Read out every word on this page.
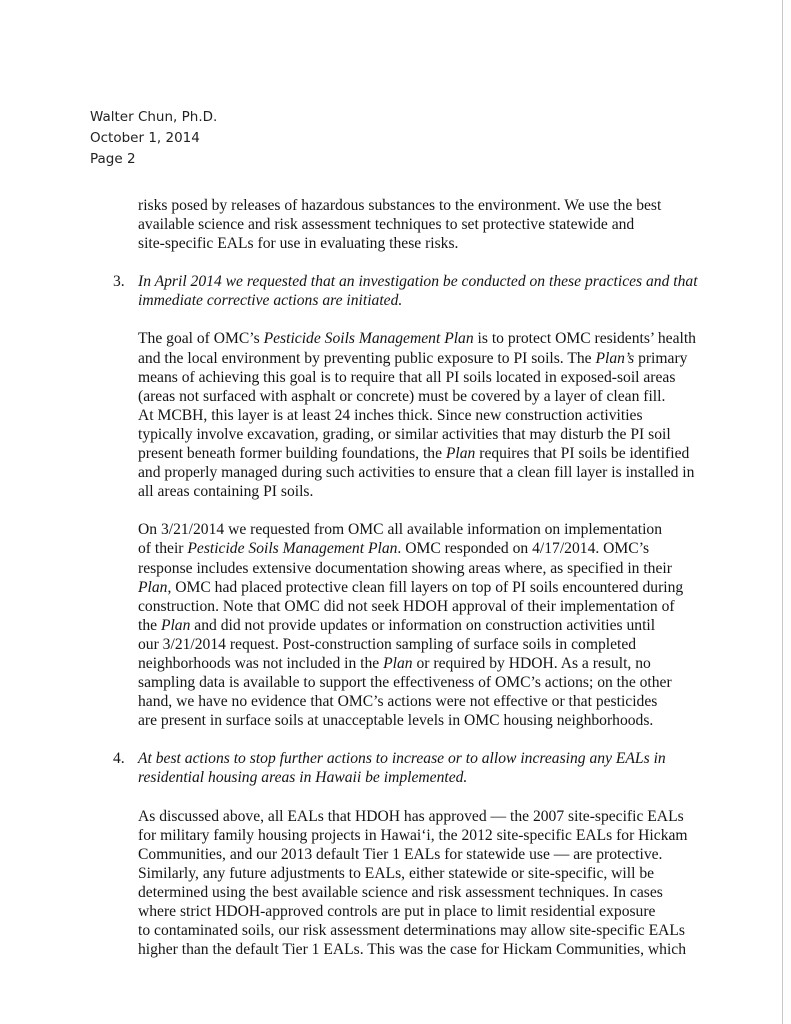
Walter Chun, Ph.D.
October 1, 2014
Page 2

risks posed by releases of hazardous substances to the environment. We use the best
available science and risk assessment techniques to set protective statewide and
site-specific EALs for use in evaluating these risks.

3. In April 2014 we requested that an investigation be conducted on these practices and that
immediate corrective actions are initiated.

The goal of OMC’s Pesticide Soils Management Plan is to protect OMC residents’ health
and the local environment by preventing public exposure to PI soils. The Plan’s primary
means of achieving this goal is to require that all PI soils located in exposed-soil areas
(areas not surfaced with asphalt or concrete) must be covered by a layer of clean fill.
At MCBH, this layer is at least 24 inches thick. Since new construction activities
typically involve excavation, grading, or similar activities that may disturb the PI soil
present beneath former building foundations, the Plan requires that PI soils be identified
and properly managed during such activities to ensure that a clean fill layer is installed in
all areas containing PI soils.

On 3/21/2014 we requested from OMC all available information on implementation
of their Pesticide Soils Management Plan. OMC responded on 4/17/2014. OMC’s
response includes extensive documentation showing areas where, as specified in their
Plan, OMC had placed protective clean fill layers on top of PI soils encountered during
construction. Note that OMC did not seek HDOH approval of their implementation of
the Plan and did not provide updates or information on construction activities until
our 3/21/2014 request. Post-construction sampling of surface soils in completed
neighborhoods was not included in the Plan or required by HDOH. As a result, no
sampling data is available to support the effectiveness of OMC’s actions; on the other
hand, we have no evidence that OMC’s actions were not effective or that pesticides
are present in surface soils at unacceptable levels in OMC housing neighborhoods.

4. At best actions to stop further actions to increase or to allow increasing any EALs in
residential housing areas in Hawaii be implemented.

As discussed above, all EALs that HDOH has approved — the 2007 site-specific EALs
for military family housing projects in Hawai‘i, the 2012 site-specific EALs for Hickam
Communities, and our 2013 default Tier 1 EALs for statewide use — are protective.
Similarly, any future adjustments to EALs, either statewide or site-specific, will be
determined using the best available science and risk assessment techniques. In cases
where strict HDOH-approved controls are put in place to limit residential exposure
to contaminated soils, our risk assessment determinations may allow site-specific EALs
higher than the default Tier 1 EALs. This was the case for Hickam Communities, which
